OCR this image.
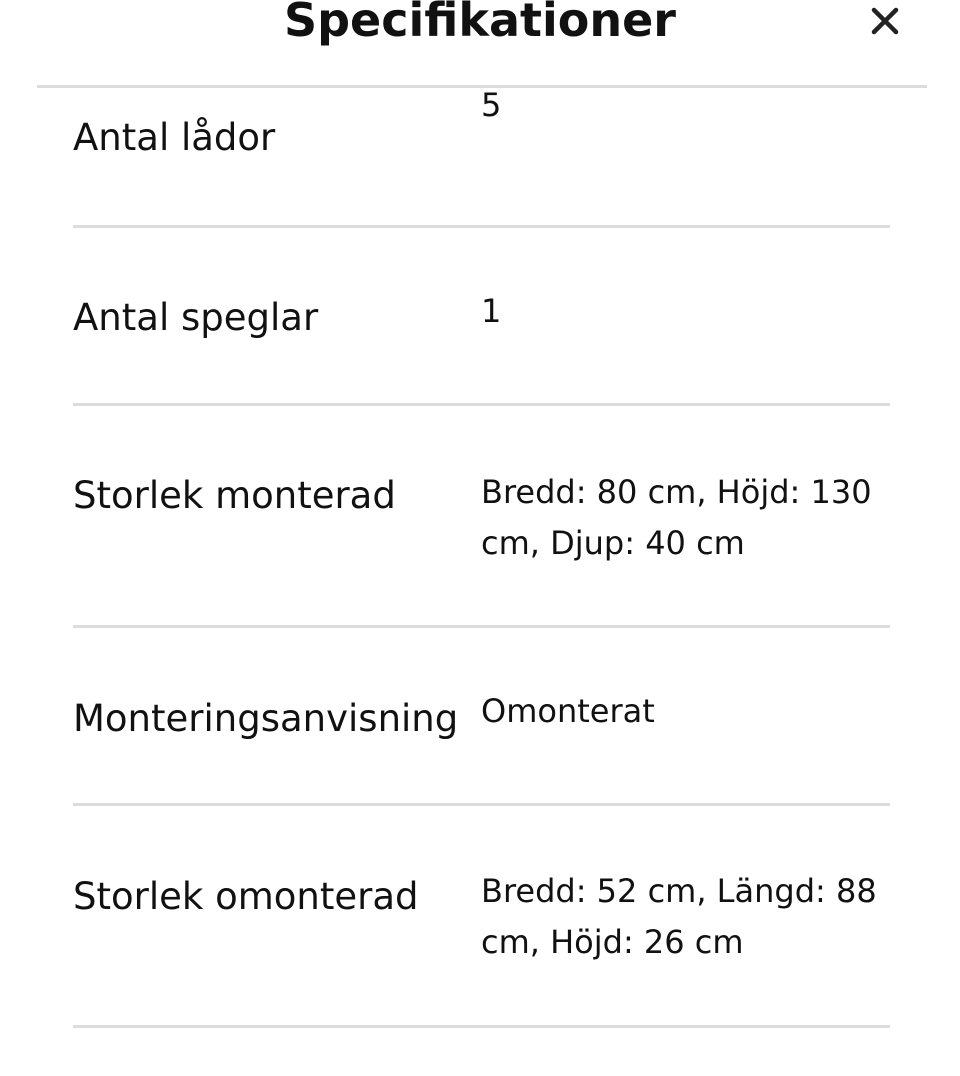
Specifikationer
Antal lådor
5
Antal speglar	1
Storlek monterad	Bredd: 80 cm, Höjd: 130 cm, Djup: 40 cm
Monteringsanvisning Omonterat
Storlek omonterad Bredd: 52 cm, Längd: 88 cm, Höjd: 26 cm
